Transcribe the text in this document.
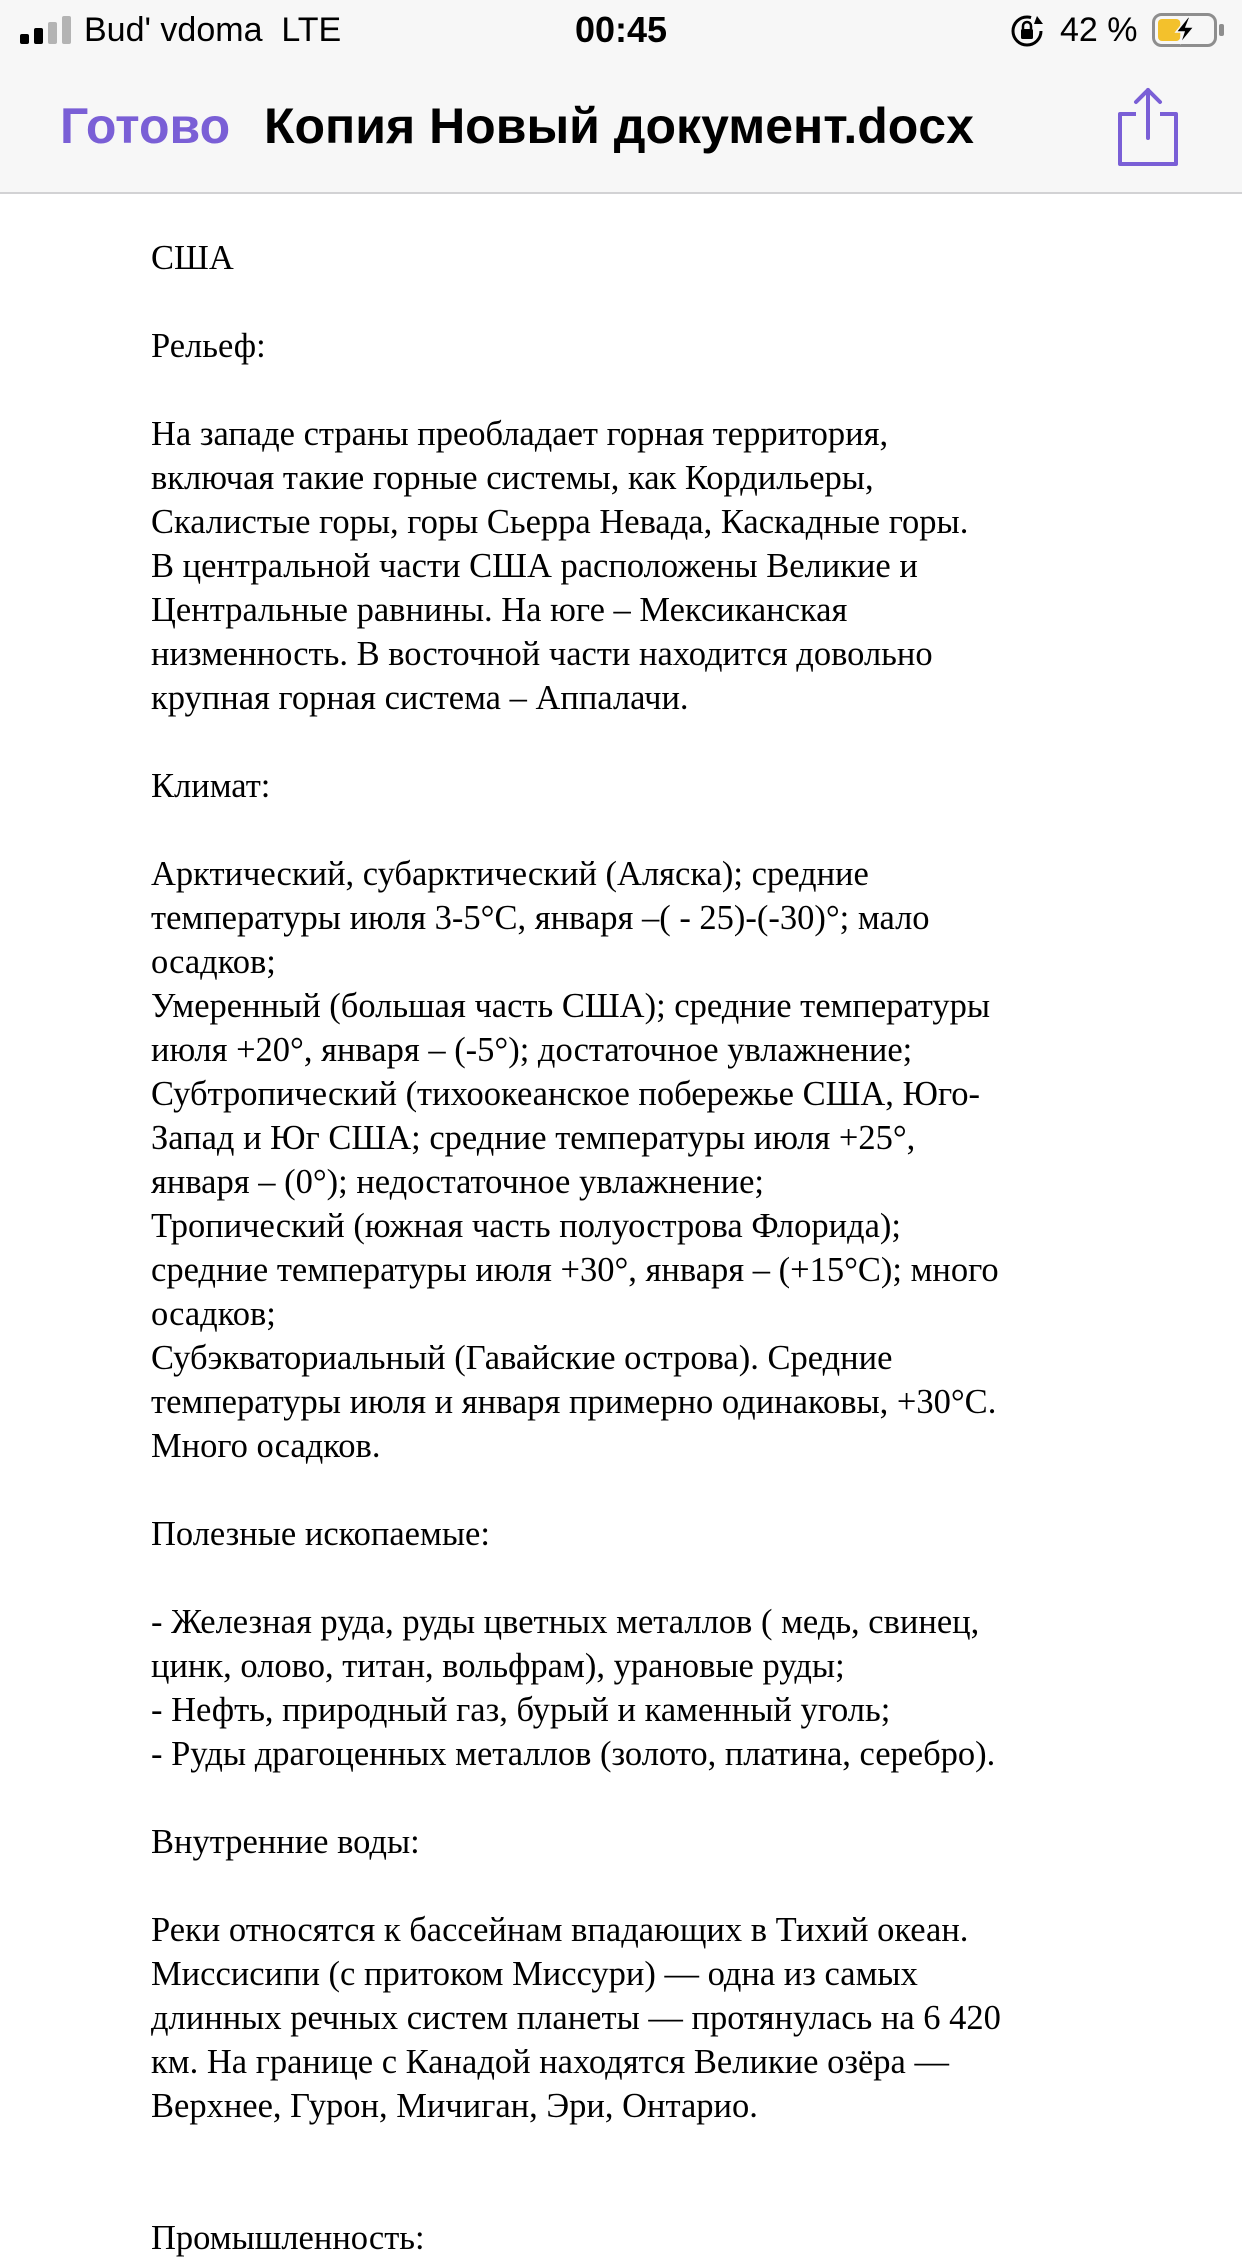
Bud' vdoma LTE	00:45	42 %
Готово Копия Новый документ.docx

США

Рельеф:

На западе страны преобладает горная территория,

включая такие горные системы, как Кордильеры,

Скалистые горы, горы Сьерра Невада, Каскадные горы.

В центральной части США расположены Великие и

Центральные равнины. На юге – Мексиканская

низменность. В восточной части находится довольно

крупная горная система – Аппалачи.

Климат:

Арктический, субарктический (Аляска); средние

температуры июля 3-5°С, января –( - 25)-(-30)°; мало

осадков;

Умеренный (большая часть США); средние температуры

июля +20°, января – (-5°); достаточное увлажнение;

Субтропический (тихоокеанское побережье США, Юго-

Запад и Юг США; средние температуры июля +25°,

января – (0°); недостаточное увлажнение;

Тропический (южная часть полуострова Флорида);

средние температуры июля +30°, января – (+15°С); много

осадков;

Субэкваториальный (Гавайские острова). Средние

температуры июля и января примерно одинаковы, +30°С.

Много осадков.

Полезные ископаемые:

- Железная руда, руды цветных металлов ( медь, свинец,

цинк, олово, титан, вольфрам), урановые руды;

- Нефть, природный газ, бурый и каменный уголь;

- Руды драгоценных металлов (золото, платина, серебро).

Внутренние воды:

Реки относятся к бассейнам впадающих в Тихий океан.

Миссисипи (с притоком Миссури) — одна из самых

длинных речных систем планеты — протянулась на 6 420

км. На границе с Канадой находятся Великие озёра —

Верхнее, Гурон, Мичиган, Эри, Онтарио.

Промышленность:
